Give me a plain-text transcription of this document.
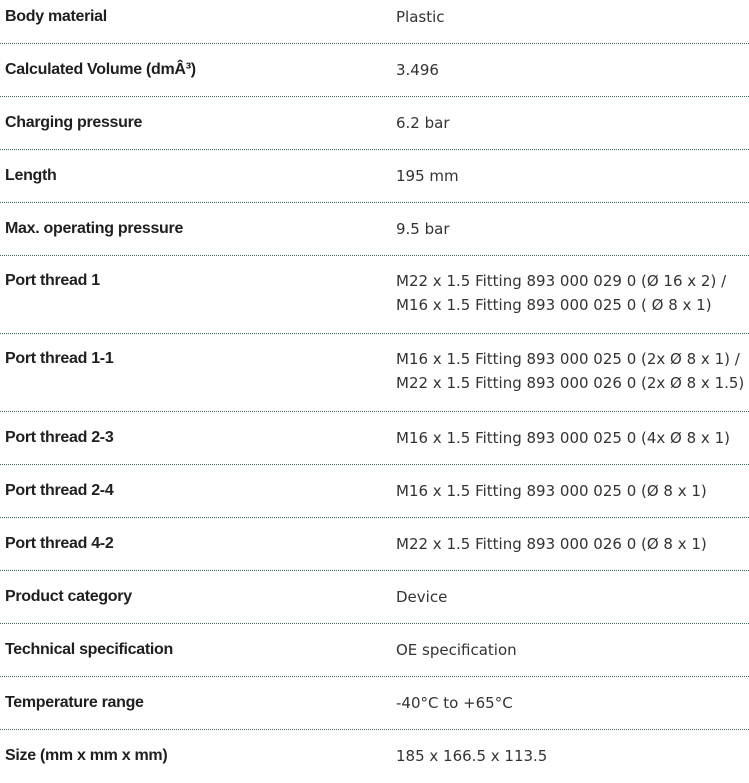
Body material	Plastic
Calculated Volume (dmÂ³)	3.496
Charging pressure	6.2 bar
Length	195 mm
Max. operating pressure	9.5 bar
Port thread 1	M22 x 1.5 Fitting 893 000 029 0 (Ø 16 x 2) /
M16 x 1.5 Fitting 893 000 025 0 ( Ø 8 x 1)
Port thread 1-1	M16 x 1.5 Fitting 893 000 025 0 (2x Ø 8 x 1) /
M22 x 1.5 Fitting 893 000 026 0 (2x Ø 8 x 1.5)
Port thread 2-3	M16 x 1.5 Fitting 893 000 025 0 (4x Ø 8 x 1)
Port thread 2-4	M16 x 1.5 Fitting 893 000 025 0 (Ø 8 x 1)
Port thread 4-2	M22 x 1.5 Fitting 893 000 026 0 (Ø 8 x 1)
Product category	Device
Technical specification	OE specification
Temperature range	-40°C to +65°C
Size (mm x mm x mm)	185 x 166.5 x 113.5
